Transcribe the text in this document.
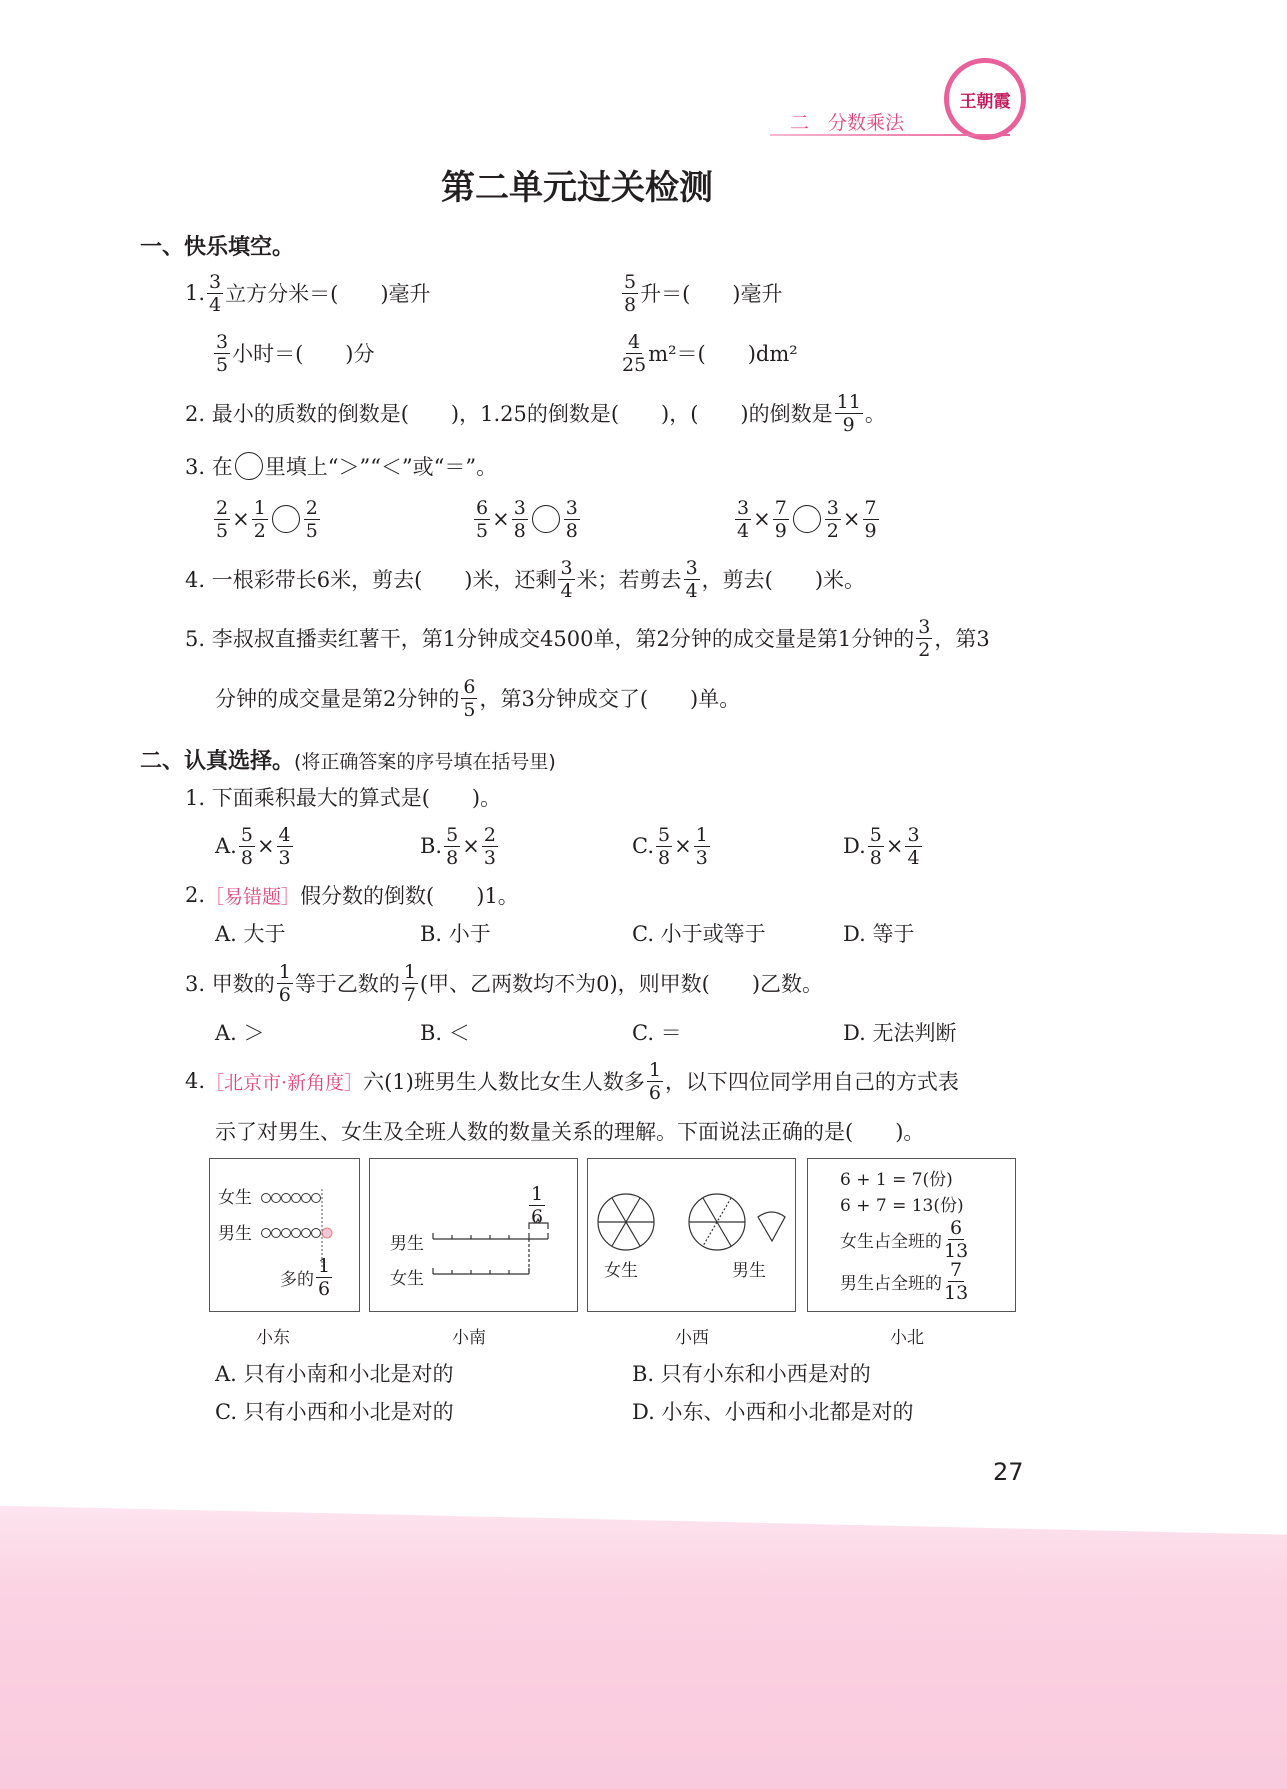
王朝霞
二　分数乘法
第二单元过关检测
一、快乐填空。
1. $\frac{3}{4}$ 立方分米＝(　　)毫升	$\frac{5}{8}$ 升＝(　　)毫升
$\frac{3}{5}$ 小时＝(　　)分	$\frac{4}{25} m^2=$(　　)dm²
2. 最小的质数的倒数是(　　)，1.25的倒数是(　　)，(　　)的倒数是 $\frac{11}{9}$ 。
3. 在 里填上“＞”“＜”或“＝”。
$\frac{2}{5} \times \frac{1}{2} \frac{2}{5}$	$\frac{6}{5} \times \frac{3}{8} \frac{3}{8}$	$\frac{3}{4} \times \frac{7}{9} \frac{3}{2} \times \frac{7}{9}$
4. 一根彩带长6米，剪去(　　)米，还剩 $\frac{3}{4}$ 米；若剪去 $\frac{3}{4}$ ，剪去(　　)米。
5. 李叔叔直播卖红薯干，第1分钟成交4500单，第2分钟的成交量是第1分钟的 $\frac{3}{2}$ ，第3
分钟的成交量是第2分钟的 $\frac{6}{5}$ ，第3分钟成交了(　　)单。
二、认真选择。(将正确答案的序号填在括号里)
1. 下面乘积最大的算式是(　　)。
A. $\frac{5}{8} \times \frac{4}{3}$	B. $\frac{5}{8} \times \frac{2}{3}$	C. $\frac{5}{8} \times \frac{1}{3}$	D. $\frac{5}{8} \times \frac{3}{4}$
2. ［易错题］ 假分数的倒数(　　)1。
A. 大于	B. 小于	C. 小于或等于	D. 等于
3. 甲数的 $\frac{1}{6}$ 等于乙数的 $\frac{1}{7}$ (甲、乙两数均不为0)，则甲数(　　)乙数。
A. ＞	B. ＜	C. ＝	D. 无法判断
4. ［北京市·新角度］ 六(1)班男生人数比女生人数多 $\frac{1}{6}$ ，以下四位同学用自己的方式表
示了对男生、女生及全班人数的数量关系的理解。下面说法正确的是(　　)。
女生
男生
多的 $\frac{1}{6}$
男生
女生
$\frac{1}{6}$
女生	男生
6 + 1 = 7(份)
6 + 7 = 13(份)
女生占全班的 $\frac{6}{13}$
男生占全班的 $\frac{7}{13}$
小东	小南	小西	小北
A. 只有小南和小北是对的	B. 只有小东和小西是对的
C. 只有小西和小北是对的	D. 小东、小西和小北都是对的
27
